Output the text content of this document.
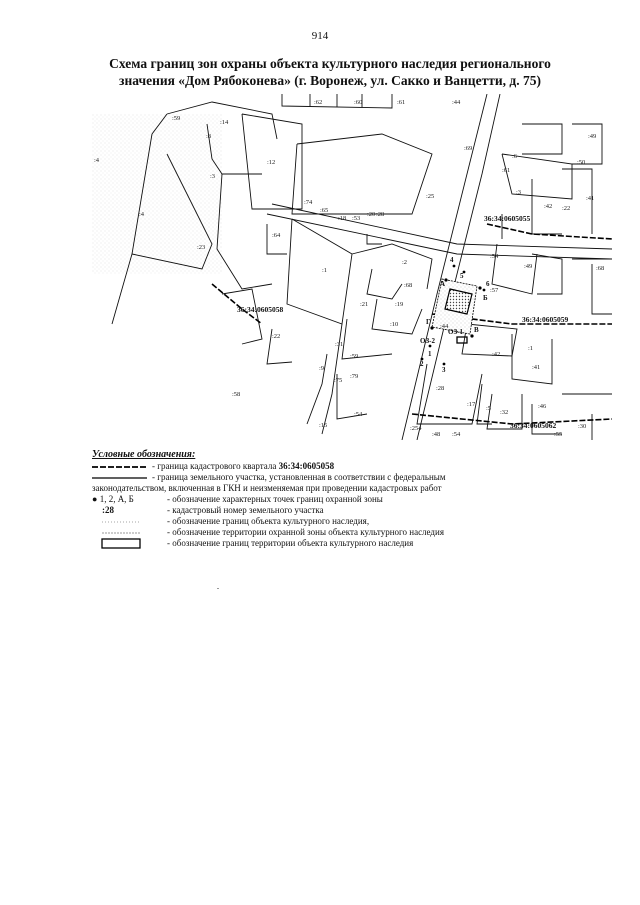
914
Схема границ зон охраны объекта культурного наследия регионального
значения «Дом Рябоконева» (г. Воронеж, ул. Сакко и Ванцетти, д. 75)
:62	:60	:61	:44
:59
:14
:8
:12
:4
:23
:74
:65
:18 :53
:20 :28
:25
:64
:1
:2
:68
:21	:19
:10
:22
:31
:59
:79
:9
:75
:58
:54
:15
:69
:6
:61
:3
:42 :22
:41
:49
:50
:54
:49	:68
:57
:1
:42
:41
:44
:28
:17
:5
:32
:46
:30
:254
:48 :54	:55
:4
:3
36:34:0605055
36:34:0605058
36:34:0605059
36:34:0605062
А
Б
В
Г
1
2
3
4
5
6
ОЗ-1
ОЗ-2
Условные обозначения:
- граница кадастрового квартала 36:34:0605058
- граница земельного участка, установленная в соответствии с федеральным
законодательством, включенная в ГКН и неизменяемая при проведении кадастровых работ
● 1, 2, А, Б	- обозначение характерных точек границ охранной зоны
:28	- кадастровый номер земельного участка
- обозначение границ объекта культурного наследия,
- обозначение территории охранной зоны объекта культурного наследия
- обозначение границ территории объекта культурного наследия
